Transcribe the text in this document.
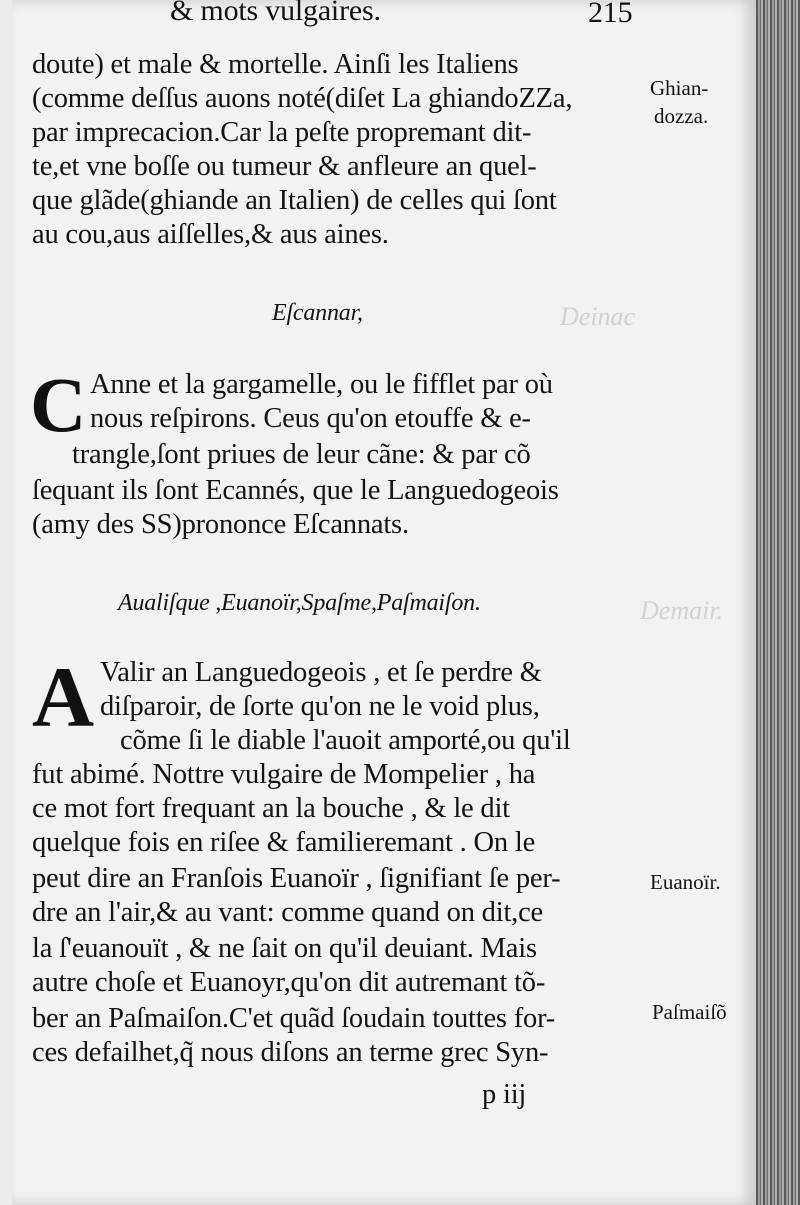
Deinac
Demair.
& mots vulgaires.	215
doute) et male & mortelle. Ainſi les Italiens
(comme deſſus auons noté(diſet La ghiandoZZa,
par imprecacion.Car la peſte propremant dit-
te,et vne boſſe ou tumeur & anfleure an quel-
que glãde(ghiande an Italien) de celles qui ſont
au cou,aus aiſſelles,& aus aines.
Eſcannar,
C Anne et la gargamelle, ou le fifflet par où
nous reſpirons. Ceus qu'on etouffe & e-
trangle,ſont priues de leur cãne: & par cõ
ſequant ils ſont Ecannés, que le Languedogeois
(amy des SS)prononce Eſcannats.
Aualiſque ,Euanoïr,Spaſme,Paſmaiſon.
A Valir an Languedogeois , et ſe perdre &
diſparoir, de ſorte qu'on ne le void plus,
cõme ſi le diable l'auoit amporté,ou qu'il
fut abimé. Nottre vulgaire de Mompelier , ha
ce mot fort frequant an la bouche , & le dit
quelque fois en riſee & familieremant . On le
peut dire an Franſois Euanoïr , ſignifiant ſe per-
dre an l'air,& au vant: comme quand on dit,ce
la ſ'euanouït , & ne ſait on qu'il deuiant. Mais
autre choſe et Euanoyr,qu'on dit autremant tõ-
ber an Paſmaiſon.C'et quãd ſoudain touttes for-
ces defailhet,q̃ nous diſons an terme grec Syn-
p iij
Ghian-
dozza.
Euanoïr.
Paſmaiſõ
